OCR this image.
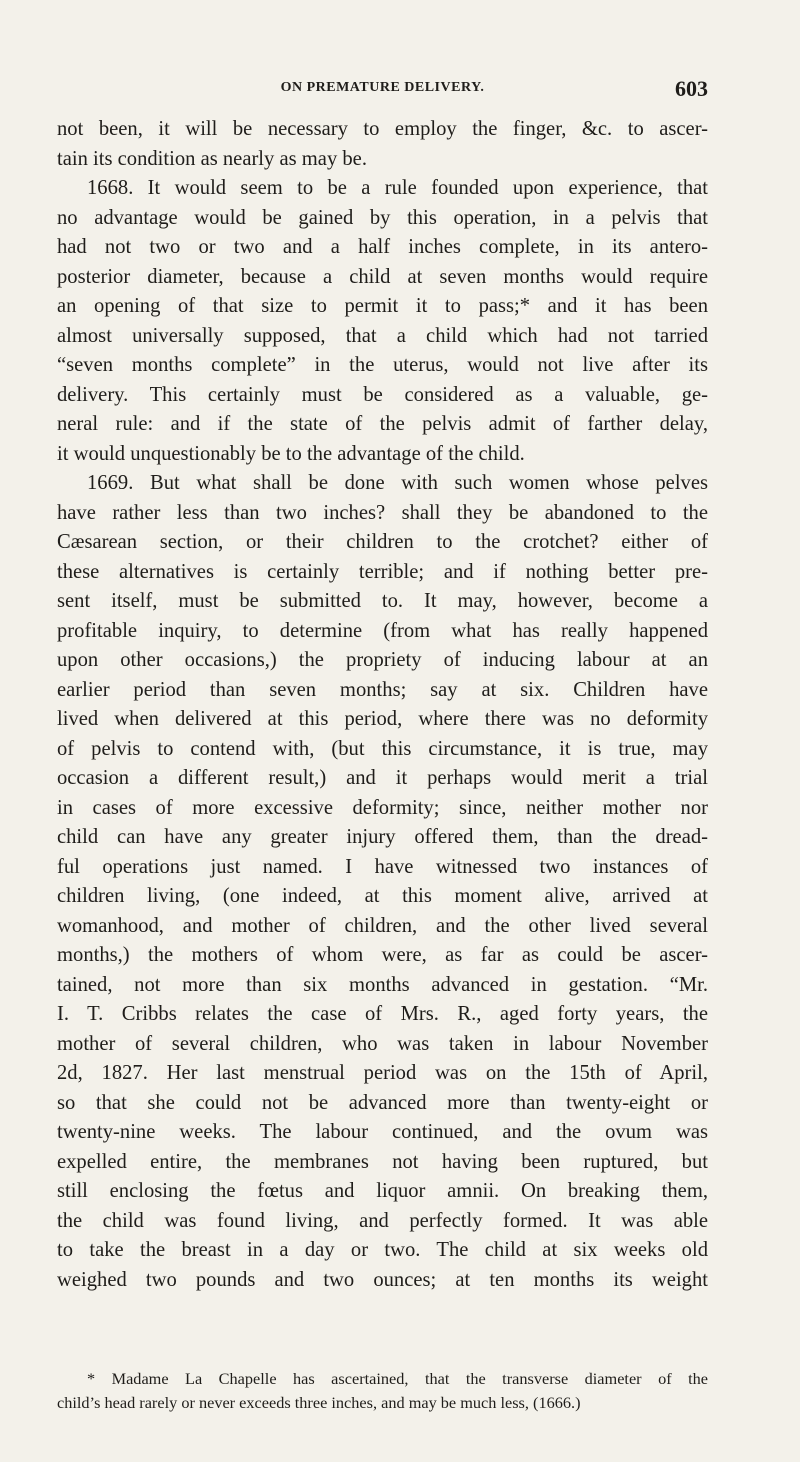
ON PREMATURE DELIVERY.	603
not been, it will be necessary to employ the finger, &c. to ascer-
tain its condition as nearly as may be.
1668. It would seem to be a rule founded upon experience, that
no advantage would be gained by this operation, in a pelvis that
had not two or two and a half inches complete, in its antero-
posterior diameter, because a child at seven months would require
an opening of that size to permit it to pass;* and it has been
almost universally supposed, that a child which had not tarried
“seven months complete” in the uterus, would not live after its
delivery. This certainly must be considered as a valuable, ge-
neral rule: and if the state of the pelvis admit of farther delay,
it would unquestionably be to the advantage of the child.
1669. But what shall be done with such women whose pelves
have rather less than two inches? shall they be abandoned to the
Cæsarean section, or their children to the crotchet? either of
these alternatives is certainly terrible; and if nothing better pre-
sent itself, must be submitted to. It may, however, become a
profitable inquiry, to determine (from what has really happened
upon other occasions,) the propriety of inducing labour at an
earlier period than seven months; say at six. Children have
lived when delivered at this period, where there was no deformity
of pelvis to contend with, (but this circumstance, it is true, may
occasion a different result,) and it perhaps would merit a trial
in cases of more excessive deformity; since, neither mother nor
child can have any greater injury offered them, than the dread-
ful operations just named. I have witnessed two instances of
children living, (one indeed, at this moment alive, arrived at
womanhood, and mother of children, and the other lived several
months,) the mothers of whom were, as far as could be ascer-
tained, not more than six months advanced in gestation. “Mr.
I. T. Cribbs relates the case of Mrs. R., aged forty years, the
mother of several children, who was taken in labour November
2d, 1827. Her last menstrual period was on the 15th of April,
so that she could not be advanced more than twenty-eight or
twenty-nine weeks. The labour continued, and the ovum was
expelled entire, the membranes not having been ruptured, but
still enclosing the fœtus and liquor amnii. On breaking them,
the child was found living, and perfectly formed. It was able
to take the breast in a day or two. The child at six weeks old
weighed two pounds and two ounces; at ten months its weight
* Madame La Chapelle has ascertained, that the transverse diameter of the
child’s head rarely or never exceeds three inches, and may be much less, (1666.)
